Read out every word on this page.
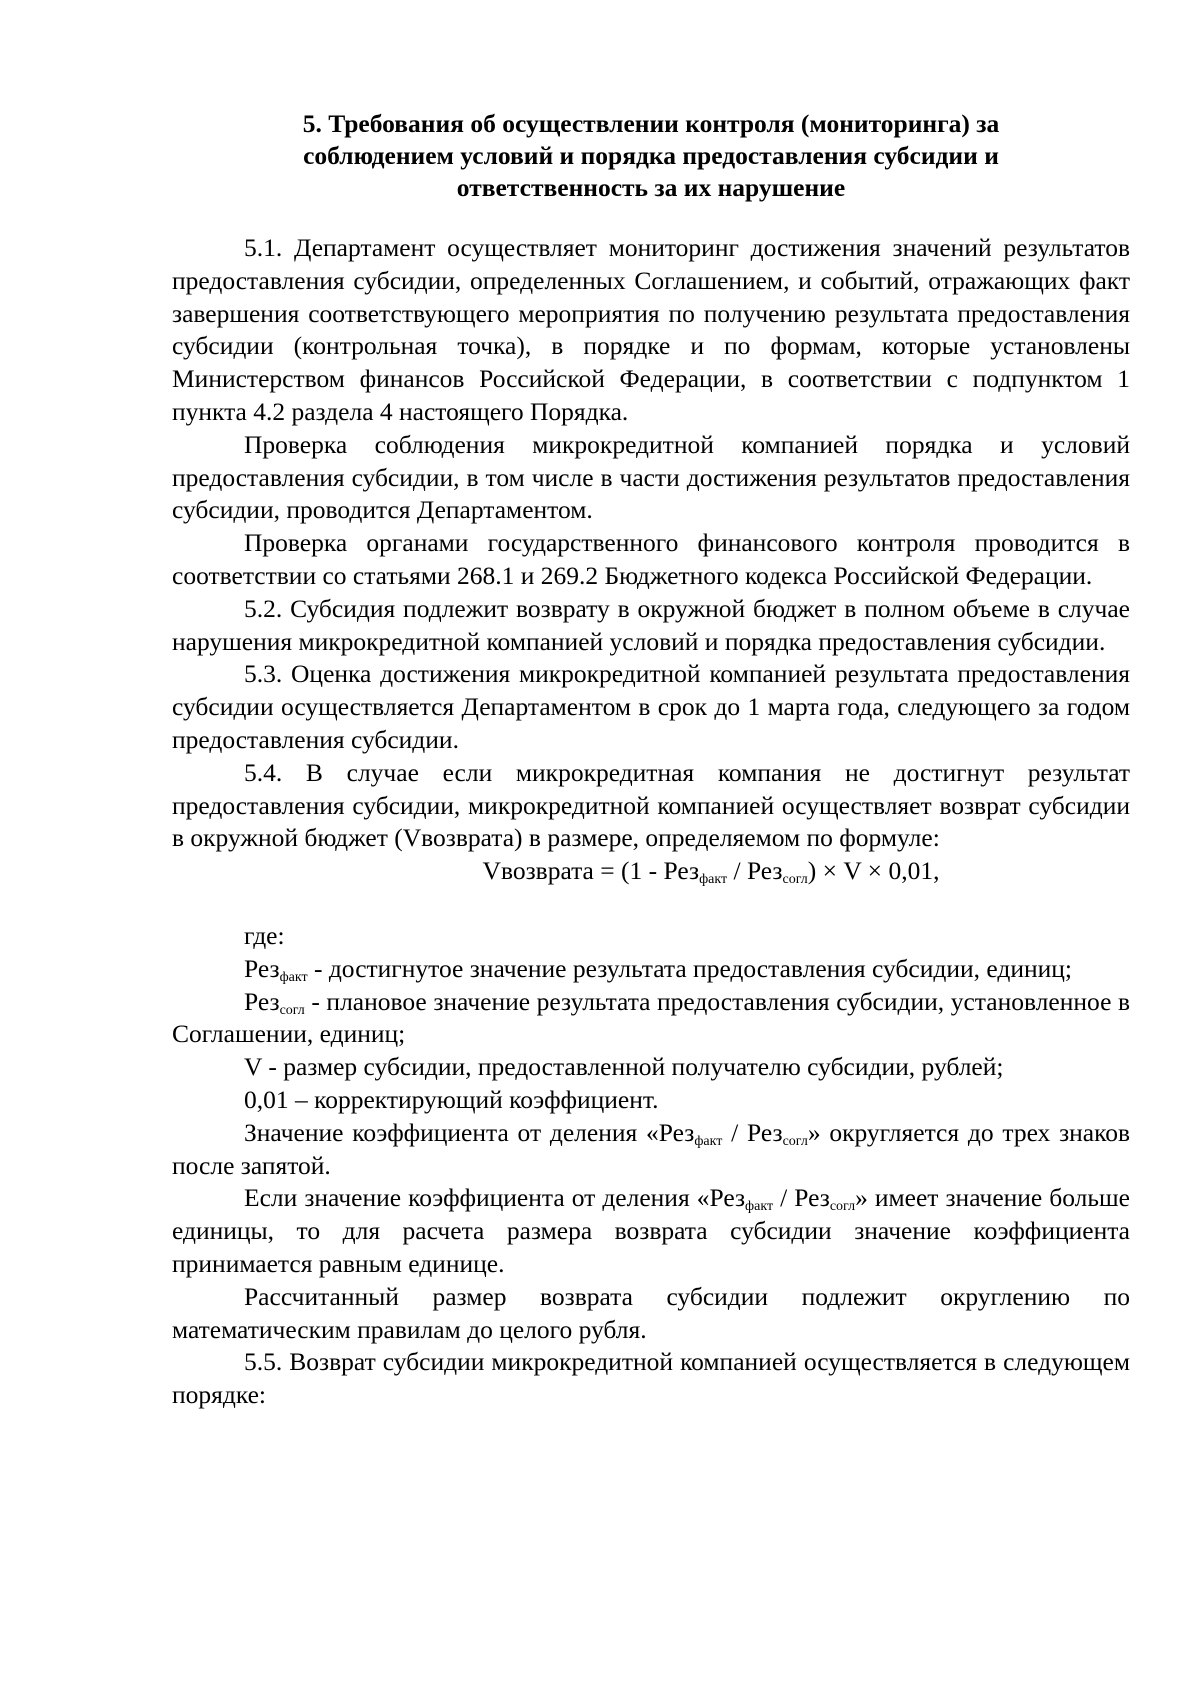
5. Требования об осуществлении контроля (мониторинга) за
соблюдением условий и порядка предоставления субсидии и
ответственность за их нарушение

5.1. Департамент осуществляет мониторинг достижения значений результатов предоставления субсидии, определенных Соглашением, и событий, отражающих факт завершения соответствующего мероприятия по получению результата предоставления субсидии (контрольная точка), в порядке и по формам, которые установлены Министерством финансов Российской Федерации, в соответствии с подпунктом 1 пункта 4.2 раздела 4 настоящего Порядка.

Проверка соблюдения микрокредитной компанией порядка и условий предоставления субсидии, в том числе в части достижения результатов предоставления субсидии, проводится Департаментом.

Проверка органами государственного финансового контроля проводится в соответствии со статьями 268.1 и 269.2 Бюджетного кодекса Российской Федерации.

5.2. Субсидия подлежит возврату в окружной бюджет в полном объеме в случае нарушения микрокредитной компанией условий и порядка предоставления субсидии.

5.3. Оценка достижения микрокредитной компанией результата предоставления субсидии осуществляется Департаментом в срок до 1 марта года, следующего за годом предоставления субсидии.

5.4. В случае если микрокредитная компания не достигнут результат предоставления субсидии, микрокредитной компанией осуществляет возврат субсидии в окружной бюджет (Vвозврата) в размере, определяемом по формуле:

Vвозврата = (1 - Рез$_{факт}$ / Рез$_{согл}$) × V × 0,01,

где:

Рез$_{факт}$ - достигнутое значение результата предоставления субсидии, единиц;

Рез$_{согл}$ - плановое значение результата предоставления субсидии, установленное в Соглашении, единиц;

V - размер субсидии, предоставленной получателю субсидии, рублей;

0,01 – корректирующий коэффициент.

Значение коэффициента от деления «Рез$_{факт}$ / Рез$_{согл}$» округляется до трех знаков после запятой.

Если значение коэффициента от деления «Рез$_{факт}$ / Рез$_{согл}$» имеет значение больше единицы, то для расчета размера возврата субсидии значение коэффициента принимается равным единице.

Рассчитанный размер возврата субсидии подлежит округлению по математическим правилам до целого рубля.

5.5. Возврат субсидии микрокредитной компанией осуществляется в следующем порядке:
